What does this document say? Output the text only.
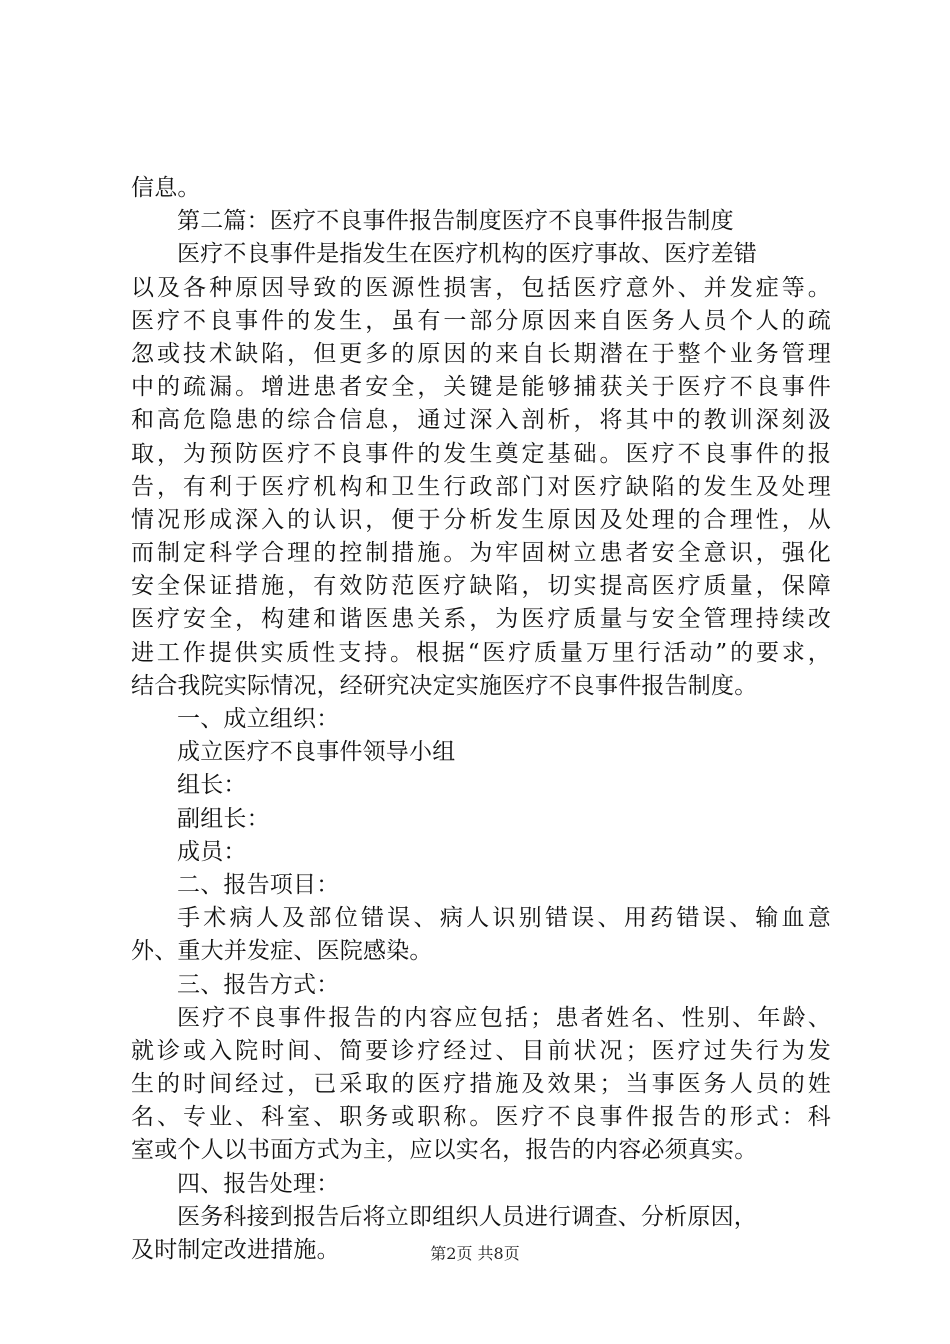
信息。
第二篇：医疗不良事件报告制度医疗不良事件报告制度
医疗不良事件是指发生在医疗机构的医疗事故、医疗差错
以及各种原因导致的医源性损害，包括医疗意外、并发症等。
医疗不良事件的发生，虽有一部分原因来自医务人员个人的疏
忽或技术缺陷，但更多的原因的来自长期潜在于整个业务管理
中的疏漏。增进患者安全，关键是能够捕获关于医疗不良事件
和高危隐患的综合信息，通过深入剖析，将其中的教训深刻汲
取，为预防医疗不良事件的发生奠定基础。医疗不良事件的报
告，有利于医疗机构和卫生行政部门对医疗缺陷的发生及处理
情况形成深入的认识，便于分析发生原因及处理的合理性，从
而制定科学合理的控制措施。为牢固树立患者安全意识，强化
安全保证措施，有效防范医疗缺陷，切实提高医疗质量，保障
医疗安全，构建和谐医患关系，为医疗质量与安全管理持续改
进工作提供实质性支持。根据“医疗质量万里行活动”的要求，
结合我院实际情况，经研究决定实施医疗不良事件报告制度。
一、成立组织：
成立医疗不良事件领导小组
组长：
副组长：
成员：
二、报告项目：
手术病人及部位错误、病人识别错误、用药错误、输血意
外、重大并发症、医院感染。
三、报告方式：
医疗不良事件报告的内容应包括；患者姓名、性别、年龄、
就诊或入院时间、简要诊疗经过、目前状况；医疗过失行为发
生的时间经过，已采取的医疗措施及效果；当事医务人员的姓
名、专业、科室、职务或职称。医疗不良事件报告的形式：科
室或个人以书面方式为主，应以实名，报告的内容必须真实。
四、报告处理：
医务科接到报告后将立即组织人员进行调查、分析原因，
及时制定改进措施。	第2页 共8页
